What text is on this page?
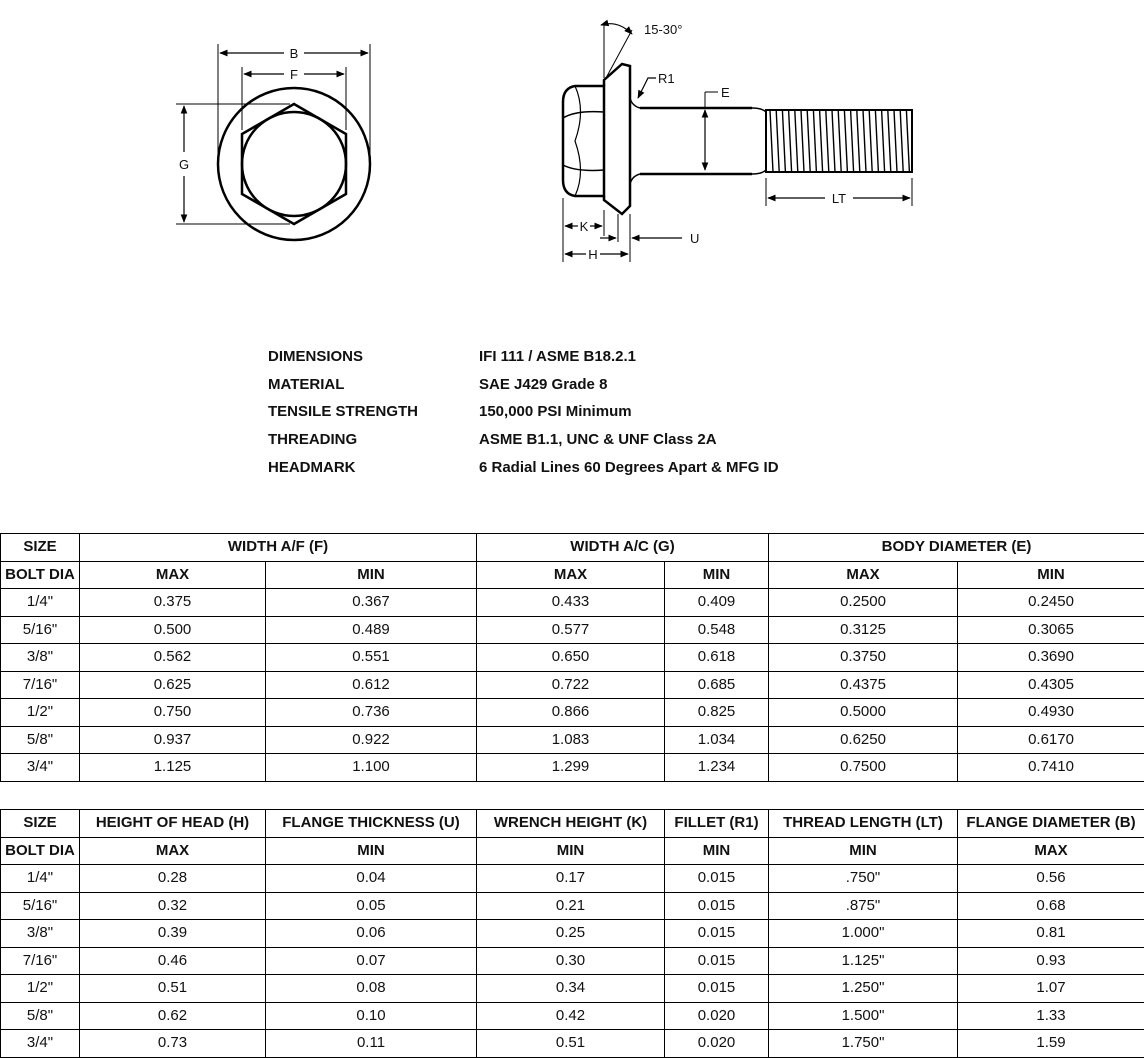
B
F
G
15-30°
R1
E
LT
K
H
U
DIMENSIONS	IFI 111 / ASME B18.2.1
MATERIAL	SAE J429 Grade 8
TENSILE STRENGTH	150,000 PSI Minimum
THREADING	ASME B1.1, UNC & UNF Class 2A
HEADMARK	6 Radial Lines 60 Degrees Apart & MFG ID
SIZE	WIDTH A/F (F)		WIDTH A/C (G)		BODY DIAMETER (E)	
BOLT DIA	MAX	MIN	MAX	MIN	MAX	MIN
1/4"	0.375	0.367	0.433	0.409	0.2500	0.2450
5/16"	0.500	0.489	0.577	0.548	0.3125	0.3065
3/8"	0.562	0.551	0.650	0.618	0.3750	0.3690
7/16"	0.625	0.612	0.722	0.685	0.4375	0.4305
1/2"	0.750	0.736	0.866	0.825	0.5000	0.4930
5/8"	0.937	0.922	1.083	1.034	0.6250	0.6170
3/4"	1.125	1.100	1.299	1.234	0.7500	0.7410
SIZE	HEIGHT OF HEAD (H)	FLANGE THICKNESS (U)	WRENCH HEIGHT (K)	FILLET (R1)	THREAD LENGTH (LT)	FLANGE DIAMETER (B)
BOLT DIA	MAX	MIN	MIN	MIN	MIN	MAX
1/4"	0.28	0.04	0.17	0.015	.750"	0.56
5/16"	0.32	0.05	0.21	0.015	.875"	0.68
3/8"	0.39	0.06	0.25	0.015	1.000"	0.81
7/16"	0.46	0.07	0.30	0.015	1.125"	0.93
1/2"	0.51	0.08	0.34	0.015	1.250"	1.07
5/8"	0.62	0.10	0.42	0.020	1.500"	1.33
3/4"	0.73	0.11	0.51	0.020	1.750"	1.59
